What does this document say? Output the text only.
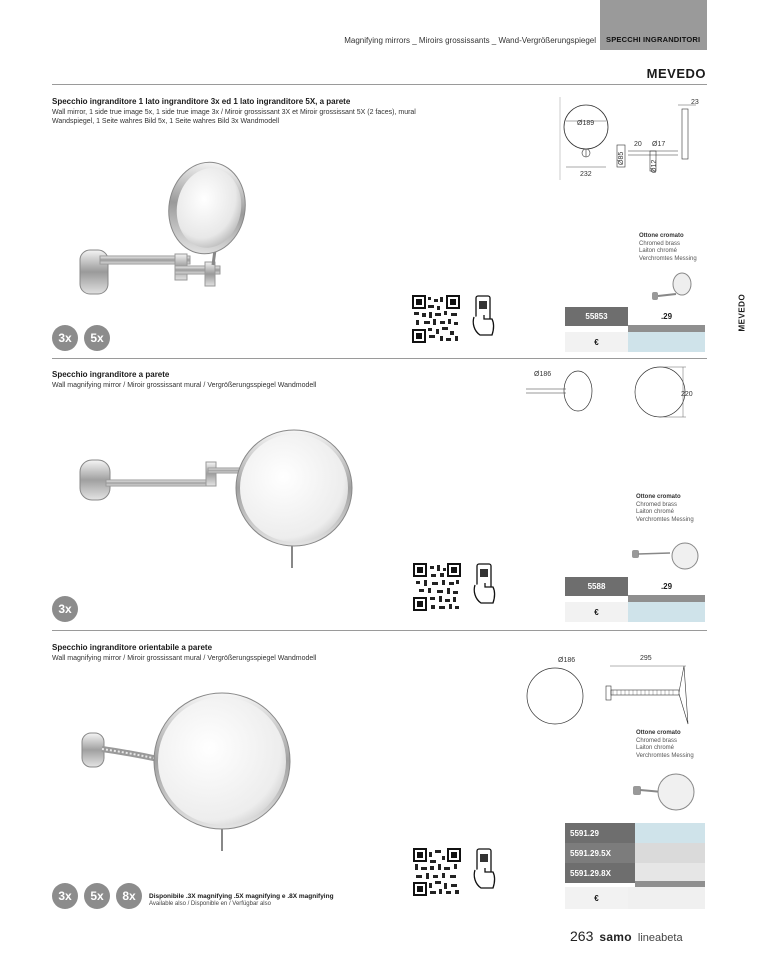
Magnifying mirrors _ Miroirs grossissants _ Wand-Vergrößerungspiegel SPECCHI INGRANDITORI
MEVEDO
MEVEDO
Specchio ingranditore 1 lato ingranditore 3x ed 1 lato ingranditore 5X, a parete
Wall mirror, 1 side true image 5x, 1 side true image 3x / Miroir grossissant 3X et Miroir grossissant 5X (2 faces), mural
Wandspiegel, 1 Seite wahres Bild 5x, 1 Seite wahres Bild 3x Wandmodell	Ø189
232
Ø85
20 Ø17
Ø12
23
Ottone cromato
Chromed brass
Laiton chromé
Verchromtes Messing
55853	.29
€
3x	5x
Specchio ingranditore a parete
Wall magnifying mirror / Miroir grossissant mural / Vergrößerungsspiegel Wandmodell
Ø186
220
Ottone cromato
Chromed brass
Laiton chromé
Verchromtes Messing
5588	.29
€
3x
Specchio ingranditore orientabile a parete
Wall magnifying mirror / Miroir grossissant mural / Vergrößerungsspiegel Wandmodell	Ø186	295
Ottone cromato
Chromed brass
Laiton chromé
Verchromtes Messing
5591.29
5591.29.5X
5591.29.8X
€
3x	5x	8x	Disponibile .3X magnifying .5X magnifying e .8X magnifying
Available also / Disponible en / Verfügbar also
263 samo lineabeta
